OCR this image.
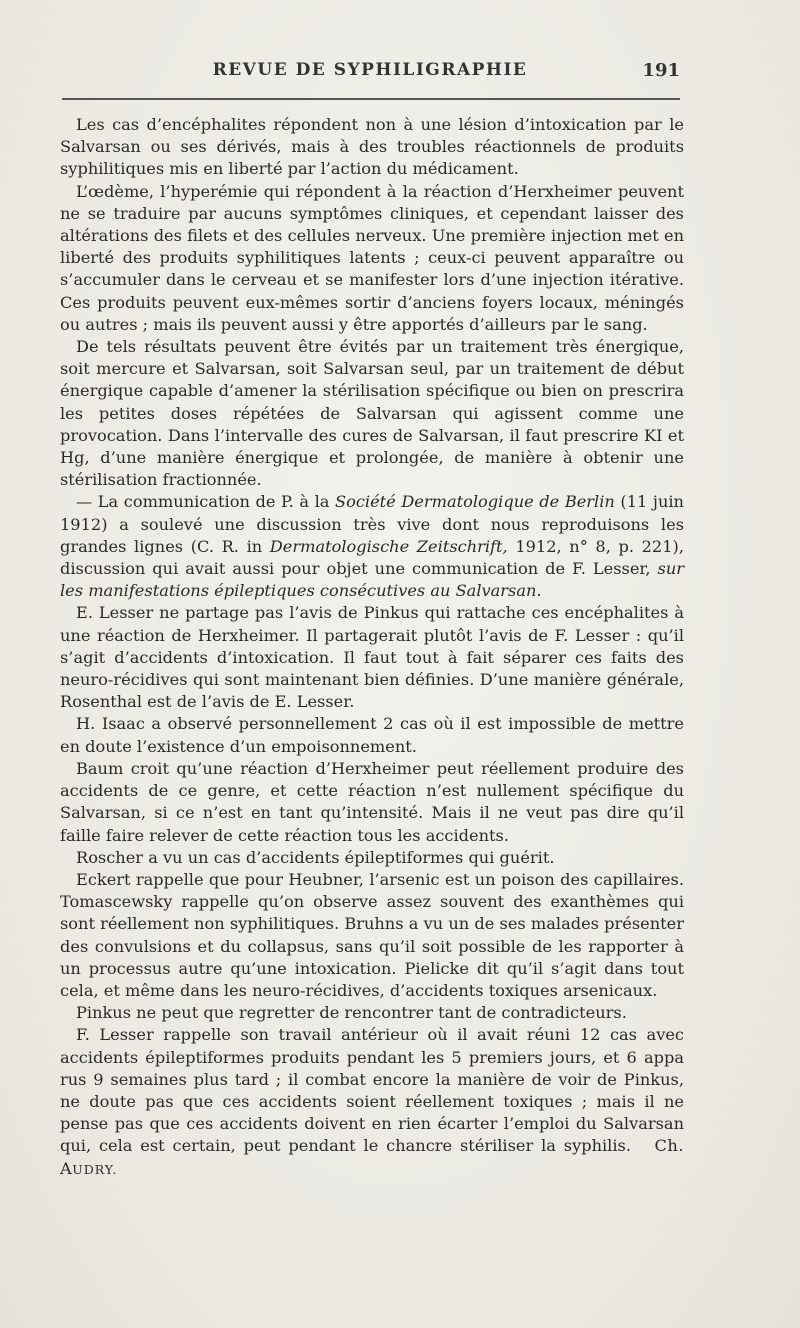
REVUE DE SYPHILIGRAPHIE	191

Les cas d’encéphalites répondent non à une lésion d’intoxication par le Salvarsan ou ses dérivés, mais à des troubles réactionnels de produits syphilitiques mis en liberté par l’action du médicament.

L’œdème, l’hyperémie qui répondent à la réaction d’Herxheimer peuvent ne se traduire par aucuns symptômes cliniques, et cependant laisser des altérations des filets et des cellules nerveux. Une première injection met en liberté des produits syphilitiques latents ; ceux-ci peuvent apparaître ou s’accumuler dans le cerveau et se manifester lors d’une injection itérative. Ces produits peuvent eux-mêmes sortir d’anciens foyers locaux, méningés ou autres ; mais ils peuvent aussi y être apportés d’ailleurs par le sang.

De tels résultats peuvent être évités par un traitement très énergique, soit mercure et Salvarsan, soit Salvarsan seul, par un traitement de début énergique capable d’amener la stérilisation spécifique ou bien on prescrira les petites doses répétées de Salvarsan qui agissent comme une provocation. Dans l’intervalle des cures de Salvarsan, il faut prescrire KI et Hg, d’une manière énergique et prolongée, de manière à obtenir une stérilisation fractionnée.

— La communication de P. à la Société Dermatologique de Berlin (11 juin 1912) a soulevé une discussion très vive dont nous reproduisons les grandes lignes (C. R. in Dermatologische Zeitschrift, 1912, n° 8, p. 221), discussion qui avait aussi pour objet une communication de F. Lesser, sur les manifestations épileptiques consécutives au Salvarsan.

E. Lesser ne partage pas l’avis de Pinkus qui rattache ces encéphalites à une réaction de Herxheimer. Il partagerait plutôt l’avis de F. Lesser : qu’il s’agit d’accidents d’intoxication. Il faut tout à fait séparer ces faits des neuro-récidives qui sont maintenant bien définies. D’une manière générale, Rosenthal est de l’avis de E. Lesser.

H. Isaac a observé personnellement 2 cas où il est impossible de mettre en doute l’existence d’un empoisonnement.

Baum croit qu’une réaction d’Herxheimer peut réellement produire des accidents de ce genre, et cette réaction n’est nullement spécifique du Salvarsan, si ce n’est en tant qu’intensité. Mais il ne veut pas dire qu’il faille faire relever de cette réaction tous les accidents.

Roscher a vu un cas d’accidents épileptiformes qui guérit.

Eckert rappelle que pour Heubner, l’arsenic est un poison des capillaires. Tomascewsky rappelle qu’on observe assez souvent des exanthèmes qui sont réellement non syphilitiques. Bruhns a vu un de ses malades présenter des convulsions et du collapsus, sans qu’il soit possible de les rapporter à un processus autre qu’une intoxication. Pielicke dit qu’il s’agit dans tout cela, et même dans les neuro-récidives, d’accidents toxiques arsenicaux.

Pinkus ne peut que regretter de rencontrer tant de contradicteurs.

F. Lesser rappelle son travail antérieur où il avait réuni 12 cas avec accidents épileptiformes produits pendant les 5 premiers jours, et 6 appa rus 9 semaines plus tard ; il combat encore la manière de voir de Pinkus, ne doute pas que ces accidents soient réellement toxiques ; mais il ne pense pas que ces accidents doivent en rien écarter l’emploi du Salvarsan qui, cela est certain, peut pendant le chancre stériliser la syphilis. Ch. AUDRY.
